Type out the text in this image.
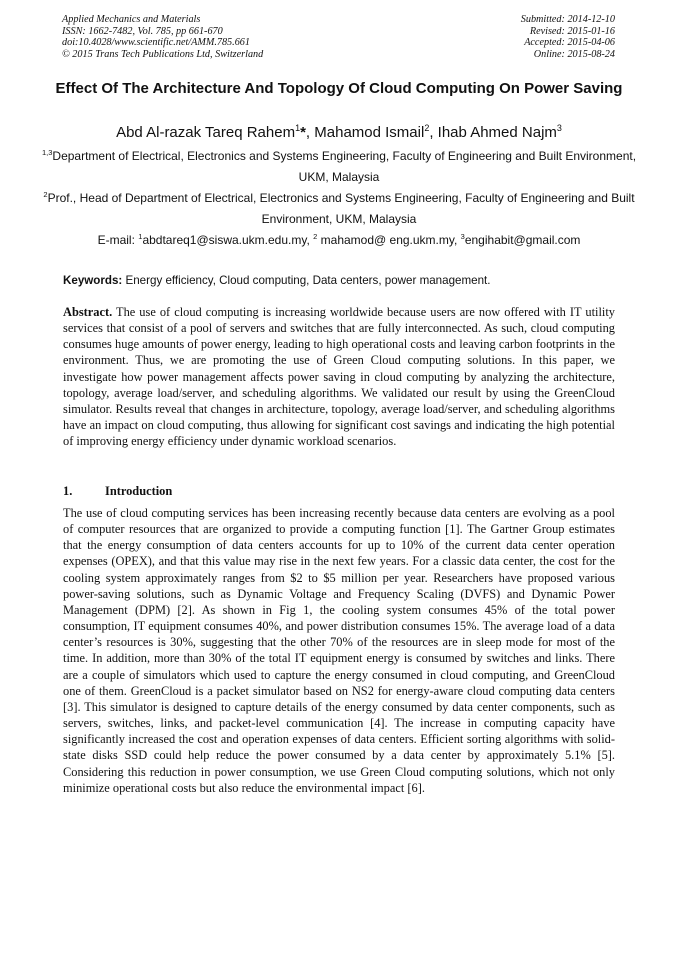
Applied Mechanics and Materials
ISSN: 1662-7482, Vol. 785, pp 661-670
doi:10.4028/www.scientific.net/AMM.785.661
© 2015 Trans Tech Publications Ltd, Switzerland
Submitted: 2014-12-10
Revised: 2015-01-16
Accepted: 2015-04-06
Online: 2015-08-24
Effect Of The Architecture And Topology Of Cloud Computing On Power Saving
Abd Al-razak Tareq Rahem$^1$*, Mahamod Ismail$^2$, Ihab Ahmed Najm$^3$
$^{1,3}$Department of Electrical, Electronics and Systems Engineering, Faculty of Engineering and Built Environment, UKM, Malaysia
$^2$Prof., Head of Department of Electrical, Electronics and Systems Engineering, Faculty of Engineering and Built Environment, UKM, Malaysia
E-mail: $^1$abdtareq1@siswa.ukm.edu.my, $^2$ mahamod@ eng.ukm.my, $^3$engihabit@gmail.com
Keywords: Energy efficiency, Cloud computing, Data centers, power management.
Abstract. The use of cloud computing is increasing worldwide because users are now offered with IT utility services that consist of a pool of servers and switches that are fully interconnected. As such, cloud computing consumes huge amounts of power energy, leading to high operational costs and leaving carbon footprints in the environment. Thus, we are promoting the use of Green Cloud computing solutions. In this paper, we investigate how power management affects power saving in cloud computing by analyzing the architecture, topology, average load/server, and scheduling algorithms. We validated our result by using the GreenCloud simulator. Results reveal that changes in architecture, topology, average load/server, and scheduling algorithms have an impact on cloud computing, thus allowing for significant cost savings and indicating the high potential of improving energy efficiency under dynamic workload scenarios.
1.	Introduction
The use of cloud computing services has been increasing recently because data centers are evolving as a pool of computer resources that are organized to provide a computing function [1]. The Gartner Group estimates that the energy consumption of data centers accounts for up to 10% of the current data center operation expenses (OPEX), and that this value may rise in the next few years. For a classic data center, the cost for the cooling system approximately ranges from $2 to $5 million per year. Researchers have proposed various power-saving solutions, such as Dynamic Voltage and Frequency Scaling (DVFS) and Dynamic Power Management (DPM) [2]. As shown in Fig 1, the cooling system consumes 45% of the total power consumption, IT equipment consumes 40%, and power distribution consumes 15%. The average load of a data center’s resources is 30%, suggesting that the other 70% of the resources are in sleep mode for most of the time. In addition, more than 30% of the total IT equipment energy is consumed by switches and links. There are a couple of simulators which used to capture the energy consumed in cloud computing, and GreenCloud one of them. GreenCloud is a packet simulator based on NS2 for energy-aware cloud computing data centers [3]. This simulator is designed to capture details of the energy consumed by data center components, such as servers, switches, links, and packet-level communication [4]. The increase in computing capacity have significantly increased the cost and operation expenses of data centers. Efficient sorting algorithms with solid-state disks SSD could help reduce the power consumed by a data center by approximately 5.1% [5]. Considering this reduction in power consumption, we use Green Cloud computing solutions, which not only minimize operational costs but also reduce the environmental impact [6].
